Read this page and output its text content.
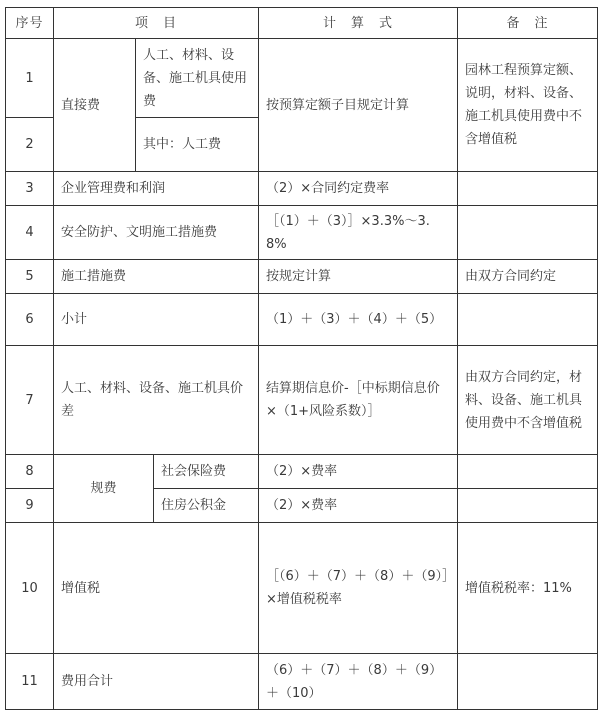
序号	项　目			计　算　式	备　注
1	直接费	人工、材料、设备、施工机具使用费		按预算定额子目规定计算	园林工程预算定额、说明，材料、设备、施工机具使用费中不含增值税
2		其中：人工费			
3	企业管理费和利润			（2）×合同约定费率	
4	安全防护、文明施工措施费			［（1）＋（3）］×3.3%～3.8%	
5	施工措施费			按规定计算	由双方合同约定
6	小计			（1）＋（3）＋（4）＋（5）	
7	人工、材料、设备、施工机具价差			结算期信息价-［中标期信息价×（1+风险系数）］	由双方合同约定，材料、设备、施工机具使用费中不含增值税
8	规费		社会保险费	（2）×费率	
9			住房公积金	（2）×费率	
10	增值税			［（6）＋（7）＋（8）＋（9）］×增值税税率	增值税税率：11%
11	费用合计			（6）＋（7）＋（8）＋（9）＋（10）	
